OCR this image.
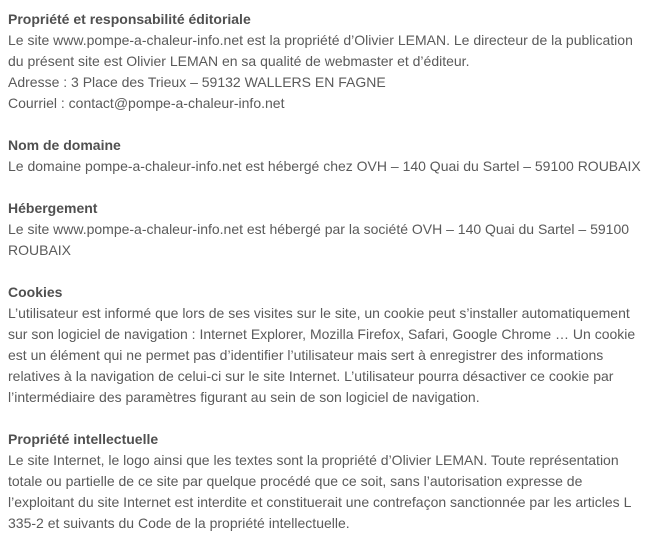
Propriété et responsabilité éditoriale

Le site www.pompe-a-chaleur-info.net est la propriété d’Olivier LEMAN. Le directeur de la publication
du présent site est Olivier LEMAN en sa qualité de webmaster et d’éditeur.
Adresse : 3 Place des Trieux – 59132 WALLERS EN FAGNE
Courriel : contact@pompe-a-chaleur-info.net

Nom de domaine

Le domaine pompe-a-chaleur-info.net est hébergé chez OVH – 140 Quai du Sartel – 59100 ROUBAIX

Hébergement

Le site www.pompe-a-chaleur-info.net est hébergé par la société OVH – 140 Quai du Sartel – 59100
ROUBAIX

Cookies

L’utilisateur est informé que lors de ses visites sur le site, un cookie peut s’installer automatiquement
sur son logiciel de navigation : Internet Explorer, Mozilla Firefox, Safari, Google Chrome … Un cookie
est un élément qui ne permet pas d’identifier l’utilisateur mais sert à enregistrer des informations
relatives à la navigation de celui-ci sur le site Internet. L’utilisateur pourra désactiver ce cookie par
l’intermédiaire des paramètres figurant au sein de son logiciel de navigation.

Propriété intellectuelle

Le site Internet, le logo ainsi que les textes sont la propriété d’Olivier LEMAN. Toute représentation
totale ou partielle de ce site par quelque procédé que ce soit, sans l’autorisation expresse de
l’exploitant du site Internet est interdite et constituerait une contrefaçon sanctionnée par les articles L
335-2 et suivants du Code de la propriété intellectuelle.
